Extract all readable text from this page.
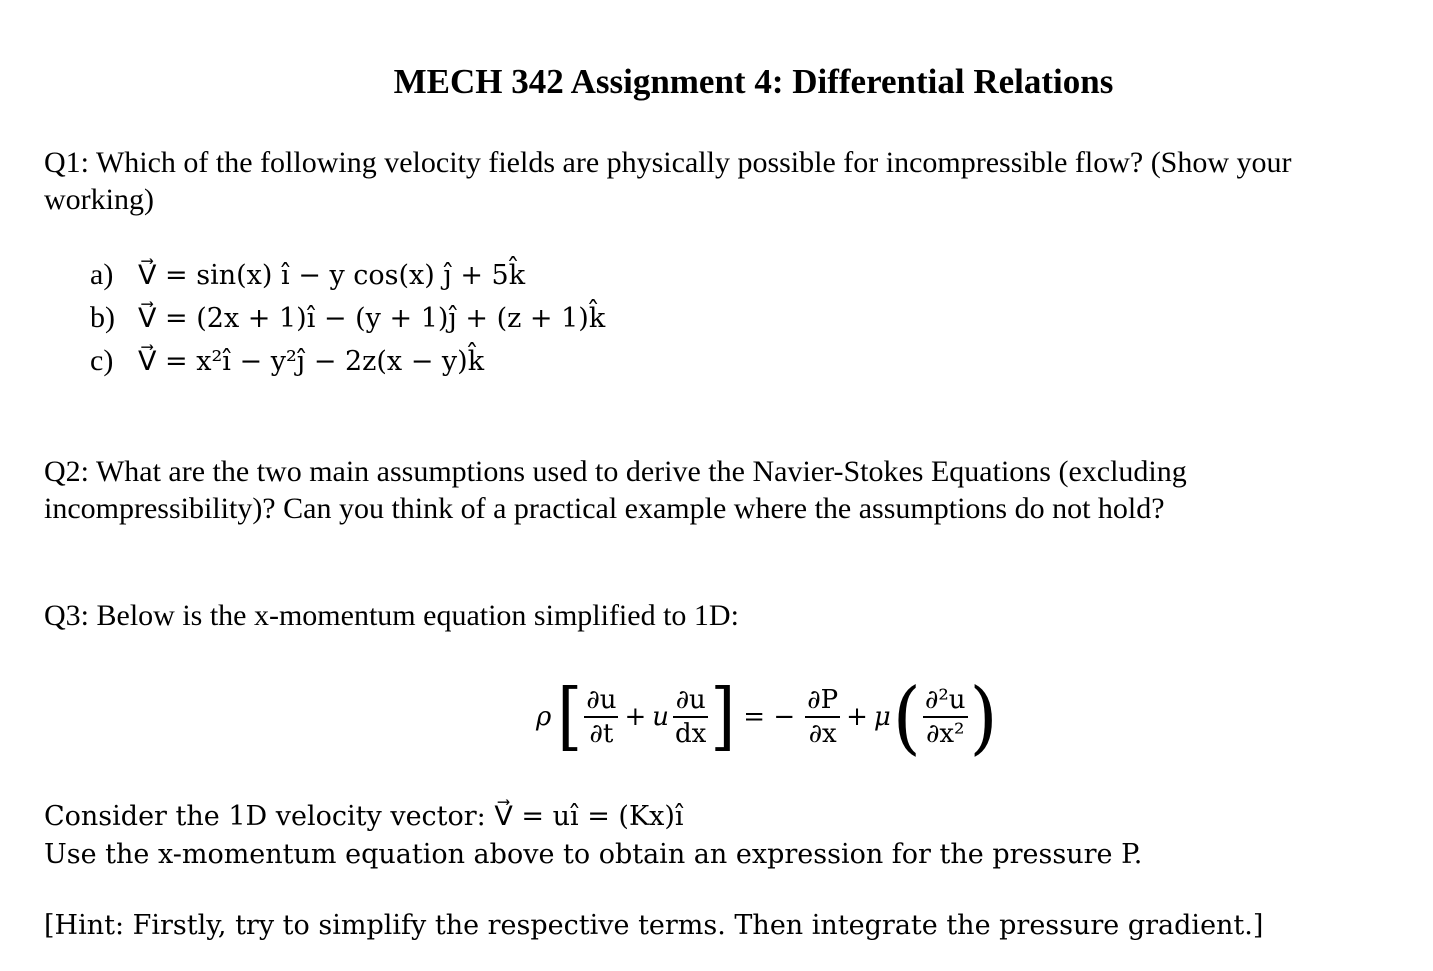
MECH 342 Assignment 4: Differential Relations
Q1: Which of the following velocity fields are physically possible for incompressible flow? (Show your
working)
a) V⃗ = sin(x) ı̂ − y cos(x) ȷ̂ + 5k̂
b) V⃗ = (2x + 1)ı̂ − (y + 1)ȷ̂ + (z + 1)k̂
c) V⃗ = x²ı̂ − y²ȷ̂ − 2z(x − y)k̂
Q2: What are the two main assumptions used to derive the Navier-Stokes Equations (excluding
incompressibility)? Can you think of a practical example where the assumptions do not hold?
Q3: Below is the x-momentum equation simplified to 1D:
ρ [ $\frac{\partial u}{\partial t} + u \frac{\partial u}{dx}$ ] = − $\frac{\partial P}{\partial x} + \mu$ ( $\frac{\text{∂²u}}{\text{∂x²}}$ )
Consider the 1D velocity vector: V⃗ = uı̂ = (Kx)ı̂
Use the x-momentum equation above to obtain an expression for the pressure P.
[Hint: Firstly, try to simplify the respective terms. Then integrate the pressure gradient.]
